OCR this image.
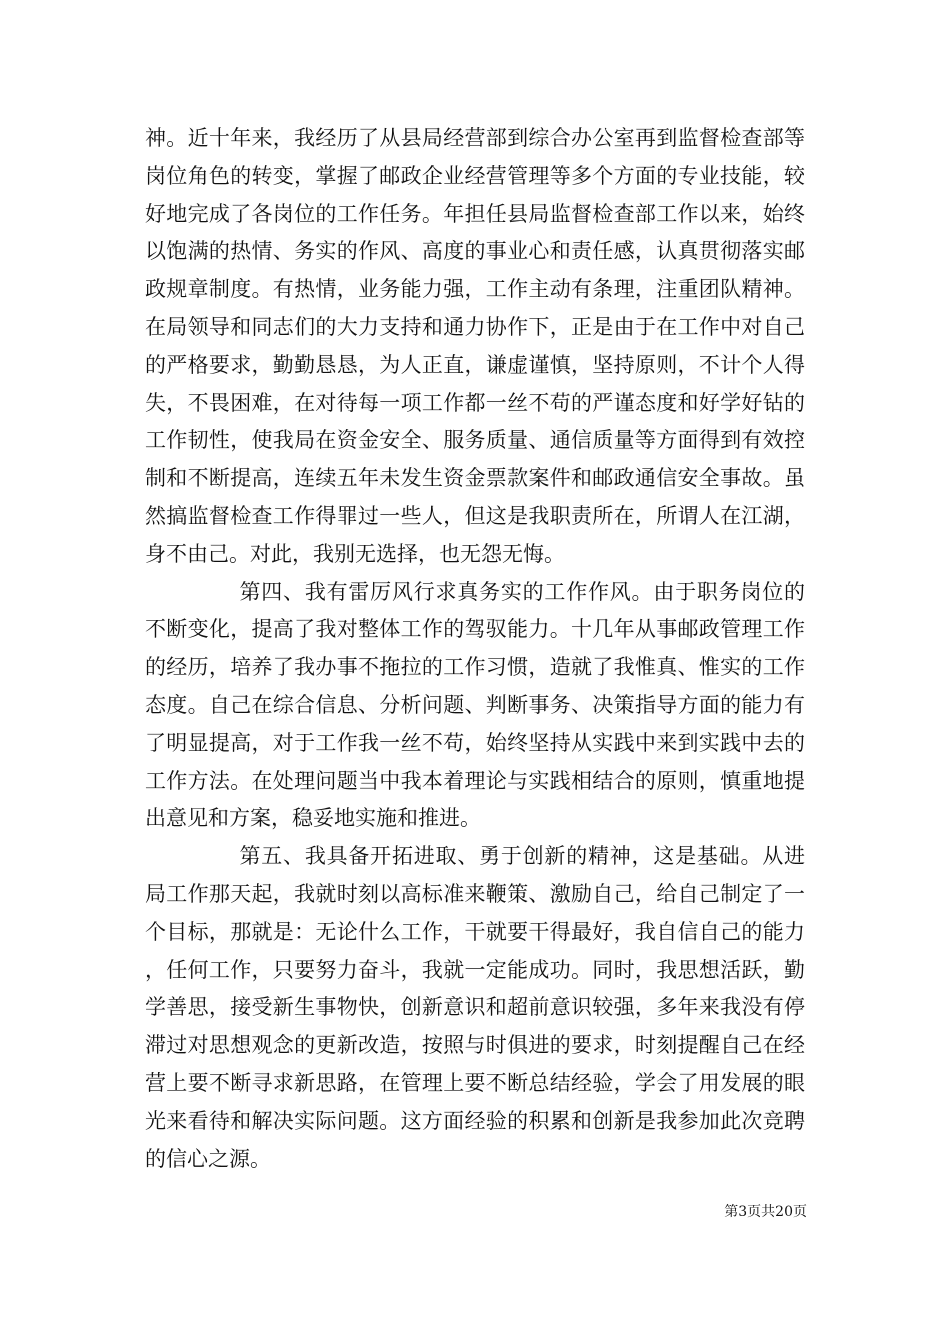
神。近十年来，我经历了从县局经营部到综合办公室再到监督检查部等岗位角色的转变，掌握了邮政企业经营管理等多个方面的专业技能，较好地完成了各岗位的工作任务。年担任县局监督检查部工作以来，始终以饱满的热情、务实的作风、高度的事业心和责任感，认真贯彻落实邮政规章制度。有热情，业务能力强，工作主动有条理，注重团队精神。在局领导和同志们的大力支持和通力协作下，正是由于在工作中对自己的严格要求，勤勤恳恳，为人正直，谦虚谨慎，坚持原则，不计个人得失，不畏困难，在对待每一项工作都一丝不苟的严谨态度和好学好钻的工作韧性，使我局在资金安全、服务质量、通信质量等方面得到有效控制和不断提高，连续五年未发生资金票款案件和邮政通信安全事故。虽然搞监督检查工作得罪过一些人，但这是我职责所在，所谓人在江湖，身不由己。对此，我别无选择，也无怨无悔。

第四、我有雷厉风行求真务实的工作作风。由于职务岗位的不断变化，提高了我对整体工作的驾驭能力。十几年从事邮政管理工作的经历，培养了我办事不拖拉的工作习惯，造就了我惟真、惟实的工作态度。自己在综合信息、分析问题、判断事务、决策指导方面的能力有了明显提高，对于工作我一丝不苟，始终坚持从实践中来到实践中去的工作方法。在处理问题当中我本着理论与实践相结合的原则，慎重地提出意见和方案，稳妥地实施和推进。

第五、我具备开拓进取、勇于创新的精神，这是基础。从进局工作那天起，我就时刻以高标准来鞭策、激励自己，给自己制定了一个目标，那就是：无论什么工作，干就要干得最好，我自信自己的能力，任何工作，只要努力奋斗，我就一定能成功。同时，我思想活跃，勤学善思，接受新生事物快，创新意识和超前意识较强，多年来我没有停滞过对思想观念的更新改造，按照与时俱进的要求，时刻提醒自己在经营上要不断寻求新思路，在管理上要不断总结经验，学会了用发展的眼光来看待和解决实际问题。这方面经验的积累和创新是我参加此次竞聘的信心之源。

第3页共20页
